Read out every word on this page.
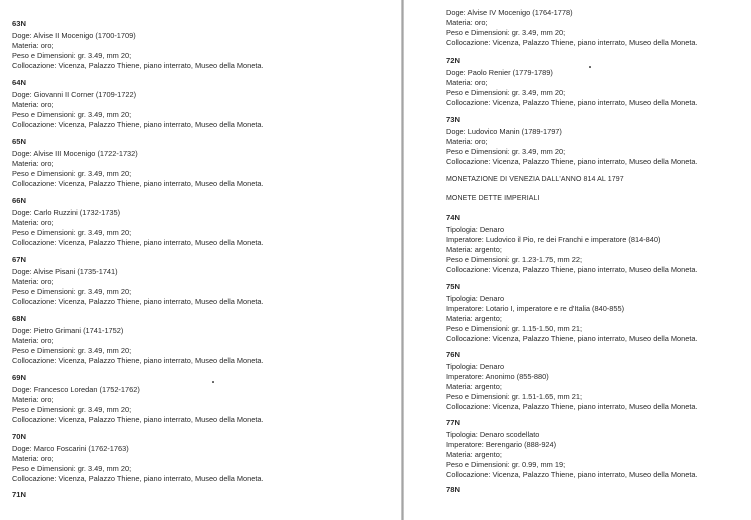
63N
Doge: Alvise II Mocenigo (1700-1709)
Materia: oro;
Peso e Dimensioni: gr. 3.49, mm 20;
Collocazione: Vicenza, Palazzo Thiene, piano interrato, Museo della Moneta.
64N
Doge: Giovanni II Corner (1709-1722)
Materia: oro;
Peso e Dimensioni: gr. 3.49, mm 20;
Collocazione: Vicenza, Palazzo Thiene, piano interrato, Museo della Moneta.
65N
Doge: Alvise III Mocenigo (1722-1732)
Materia: oro;
Peso e Dimensioni: gr. 3.49, mm 20;
Collocazione: Vicenza, Palazzo Thiene, piano interrato, Museo della Moneta.
66N
Doge: Carlo Ruzzini (1732-1735)
Materia: oro;
Peso e Dimensioni: gr. 3.49, mm 20;
Collocazione: Vicenza, Palazzo Thiene, piano interrato, Museo della Moneta.
67N
Doge: Alvise Pisani (1735-1741)
Materia: oro;
Peso e Dimensioni: gr. 3.49, mm 20;
Collocazione: Vicenza, Palazzo Thiene, piano interrato, Museo della Moneta.
68N
Doge: Pietro Grimani (1741-1752)
Materia: oro;
Peso e Dimensioni: gr. 3.49, mm 20;
Collocazione: Vicenza, Palazzo Thiene, piano interrato, Museo della Moneta.
69N
Doge: Francesco Loredan (1752-1762)
Materia: oro;
Peso e Dimensioni: gr. 3.49, mm 20;
Collocazione: Vicenza, Palazzo Thiene, piano interrato, Museo della Moneta.
70N
Doge: Marco Foscarini (1762-1763)
Materia: oro;
Peso e Dimensioni: gr. 3.49, mm 20;
Collocazione: Vicenza, Palazzo Thiene, piano interrato, Museo della Moneta.
71N
Doge: Alvise IV Mocenigo (1764-1778)
Materia: oro;
Peso e Dimensioni: gr. 3.49, mm 20;
Collocazione: Vicenza, Palazzo Thiene, piano interrato, Museo della Moneta.
72N
Doge: Paolo Renier (1779-1789)
Materia: oro;
Peso e Dimensioni: gr. 3.49, mm 20;
Collocazione: Vicenza, Palazzo Thiene, piano interrato, Museo della Moneta.
73N
Doge: Ludovico Manin (1789-1797)
Materia: oro;
Peso e Dimensioni: gr. 3.49, mm 20;
Collocazione: Vicenza, Palazzo Thiene, piano interrato, Museo della Moneta.
MONETAZIONE DI VENEZIA DALL'ANNO 814 AL 1797
MONETE DETTE IMPERIALI
74N
Tipologia: Denaro
Imperatore: Ludovico il Pio, re dei Franchi e imperatore (814-840)
Materia: argento;
Peso e Dimensioni: gr. 1.23-1.75, mm 22;
Collocazione: Vicenza, Palazzo Thiene, piano interrato, Museo della Moneta.
75N
Tipologia: Denaro
Imperatore: Lotario I, imperatore e re d'Italia (840-855)
Materia: argento;
Peso e Dimensioni: gr. 1.15-1.50, mm 21;
Collocazione: Vicenza, Palazzo Thiene, piano interrato, Museo della Moneta.
76N
Tipologia: Denaro
Imperatore: Anonimo (855-880)
Materia: argento;
Peso e Dimensioni: gr. 1.51-1.65, mm 21;
Collocazione: Vicenza, Palazzo Thiene, piano interrato, Museo della Moneta.
77N
Tipologia: Denaro scodellato
Imperatore: Berengario (888-924)
Materia: argento;
Peso e Dimensioni: gr. 0.99, mm 19;
Collocazione: Vicenza, Palazzo Thiene, piano interrato, Museo della Moneta.
78N
